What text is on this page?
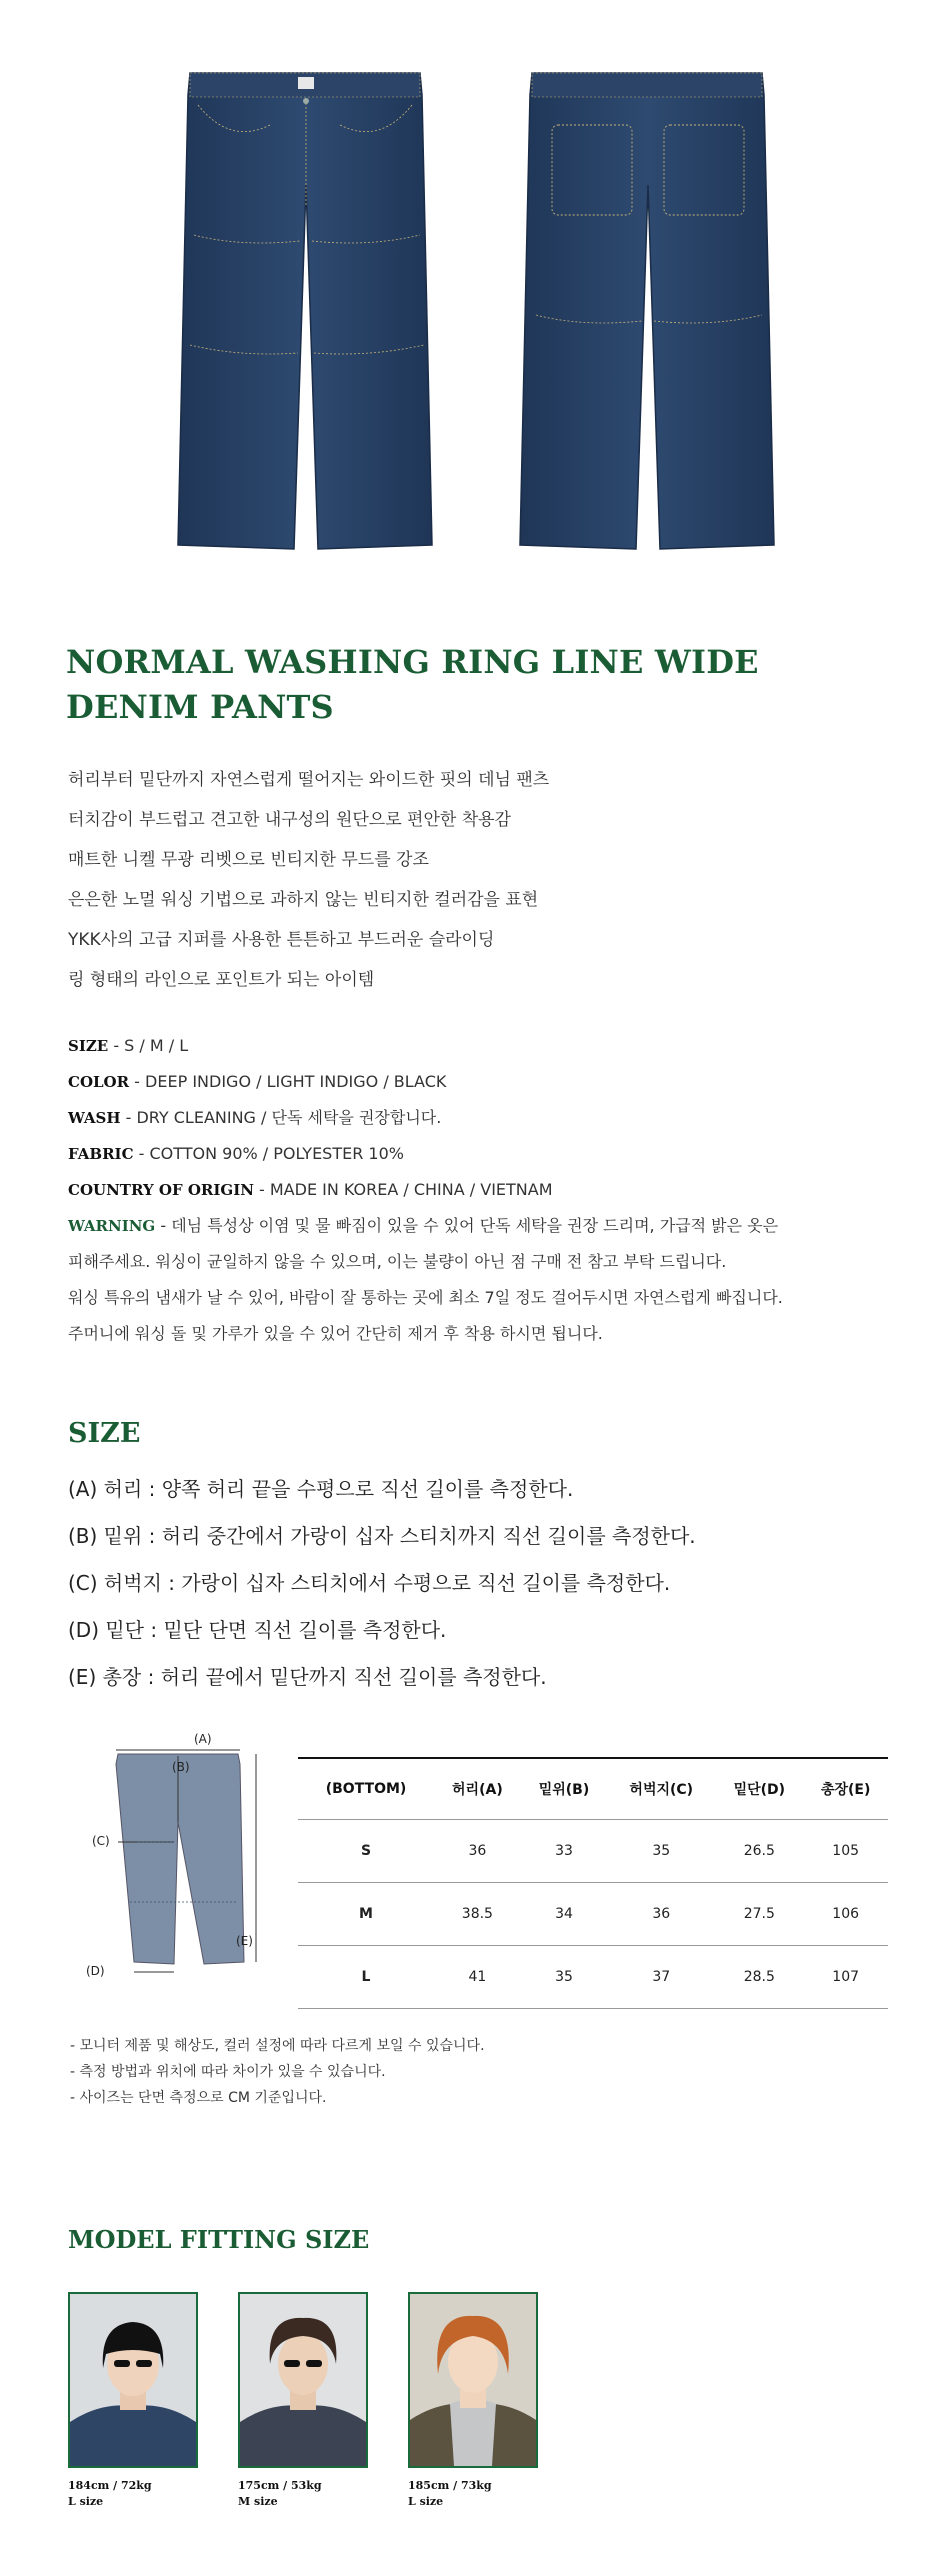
NORMAL WASHING RING LINE WIDE
DENIM PANTS
허리부터 밑단까지 자연스럽게 떨어지는 와이드한 핏의 데님 팬츠
터치감이 부드럽고 견고한 내구성의 원단으로 편안한 착용감
매트한 니켈 무광 리벳으로 빈티지한 무드를 강조
은은한 노멀 워싱 기법으로 과하지 않는 빈티지한 컬러감을 표현
YKK사의 고급 지퍼를 사용한 튼튼하고 부드러운 슬라이딩
링 형태의 라인으로 포인트가 되는 아이템
SIZE - S / M / L
COLOR - DEEP INDIGO / LIGHT INDIGO / BLACK
WASH - DRY CLEANING / 단독 세탁을 권장합니다.
FABRIC - COTTON 90% / POLYESTER 10%
COUNTRY OF ORIGIN - MADE IN KOREA / CHINA / VIETNAM
WARNING - 데님 특성상 이염 및 물 빠짐이 있을 수 있어 단독 세탁을 권장 드리며, 가급적 밝은 옷은
피해주세요. 워싱이 균일하지 않을 수 있으며, 이는 불량이 아닌 점 구매 전 참고 부탁 드립니다.
워싱 특유의 냄새가 날 수 있어, 바람이 잘 통하는 곳에 최소 7일 정도 걸어두시면 자연스럽게 빠집니다.
주머니에 워싱 돌 및 가루가 있을 수 있어 간단히 제거 후 착용 하시면 됩니다.
SIZE
(A) 허리 : 양쪽 허리 끝을 수평으로 직선 길이를 측정한다.
(B) 밑위 : 허리 중간에서 가랑이 십자 스티치까지 직선 길이를 측정한다.
(C) 허벅지 : 가랑이 십자 스티치에서 수평으로 직선 길이를 측정한다.
(D) 밑단 : 밑단 단면 직선 길이를 측정한다.
(E) 총장 : 허리 끝에서 밑단까지 직선 길이를 측정한다.
(A)
(B)
(C)
(D)
(E)
(BOTTOM)	허리(A)	밑위(B)	허벅지(C)	밑단(D)	총장(E)
S	36	33	35	26.5	105
M	38.5	34	36	27.5	106
L	41	35	37	28.5	107
- 모니터 제품 및 해상도, 컬러 설정에 따라 다르게 보일 수 있습니다.
- 측정 방법과 위치에 따라 차이가 있을 수 있습니다.
- 사이즈는 단면 측정으로 CM 기준입니다.
MODEL FITTING SIZE
184cm / 72kg
L size
175cm / 53kg
M size
185cm / 73kg
L size
